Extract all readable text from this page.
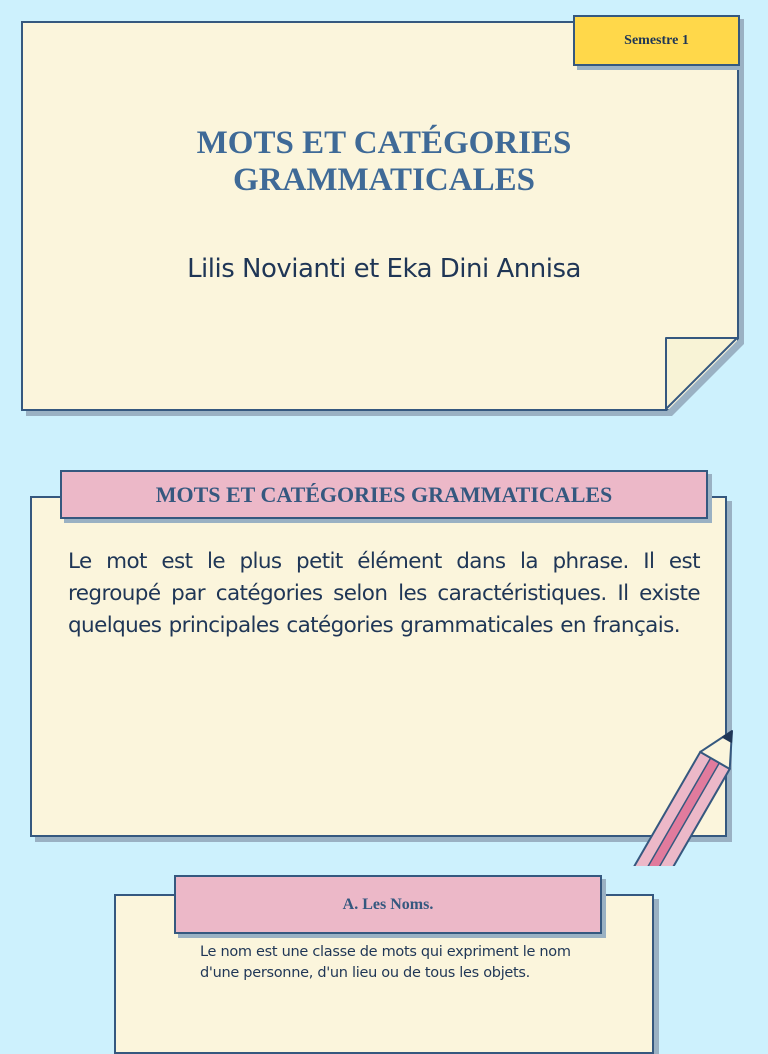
Semestre 1
MOTS ET CATÉGORIES
GRAMMATICALES
Lilis Novianti et Eka Dini Annisa
MOTS ET CATÉGORIES GRAMMATICALES
Le mot est le plus petit élément dans la phrase. Il est regroupé par catégories selon les caractéristiques. Il existe quelques principales catégories grammaticales en français.
A. Les Noms.
Le nom est une classe de mots qui expriment le nom d'une personne, d'un lieu ou de tous les objets.
